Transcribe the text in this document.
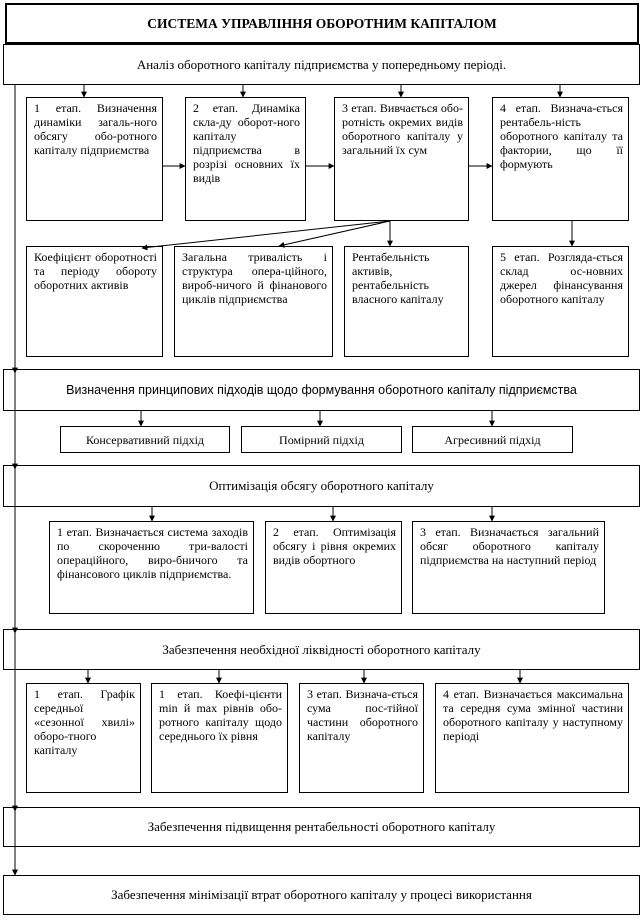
СИСТЕМА УПРАВЛІННЯ ОБОРОТНИМ КАПІТАЛОМ
Аналіз оборотного капіталу підприємства у попередньому періоді.
1 етап. Визначення динаміки загаль-ного обсягу обо-ротного капіталу підприємства
2 етап. Динаміка скла-ду оборот-ного капіталу підприємства в розрізі основних їх видів
3 етап. Вивчається обо-ротність окремих видів оборотного капіталу у загальний їх сум
4 етап. Визнача-ється рентабель-ність оборотного капіталу та фактории, що її формують
Коефіцієнт оборотності та періоду обороту оборотних активів
Загальна тривалість і структура опера-ційного, вироб-ничого й фінанового циклів підприємства
Рентабельність активів, рентабельність власного капіталу
5 етап. Розгляда-ється склад ос-новних джерел фінансування оборотного капіталу
Визначення принципових підходів щодо формування оборотного капіталу підприємства
Консервативний підхід	Помірний підхід	Агресивний підхід
Оптимізація обсягу оборотного капіталу
1 етап. Визначається система заходів по скороченню три-валості операційного, виро-бничого та фінансового циклів підприємства.
2 етап. Оптимізація обсягу і рівня окремих видів обортного
3 етап. Визначається загальний обсяг оборотного капіталу підприємства на наступний період
Забезпечення необхідної ліквідності оборотного капіталу
1 етап. Графік середньої «сезонної хвилі» оборо-тного капіталу
1 етап. Коефі-цієнти min й max рівнів обо-ротного капіталу щодо середнього їх рівня
3 етап. Визнача-ється сума пос-тійної частини оборотного капіталу
4 етап. Визначається максимальна та середня сума змінної частини оборотного капіталу у наступному періоді
Забезпечення підвищення рентабельності оборотного капіталу
Забезпечення мінімізації втрат оборотного капіталу у процесі використання
